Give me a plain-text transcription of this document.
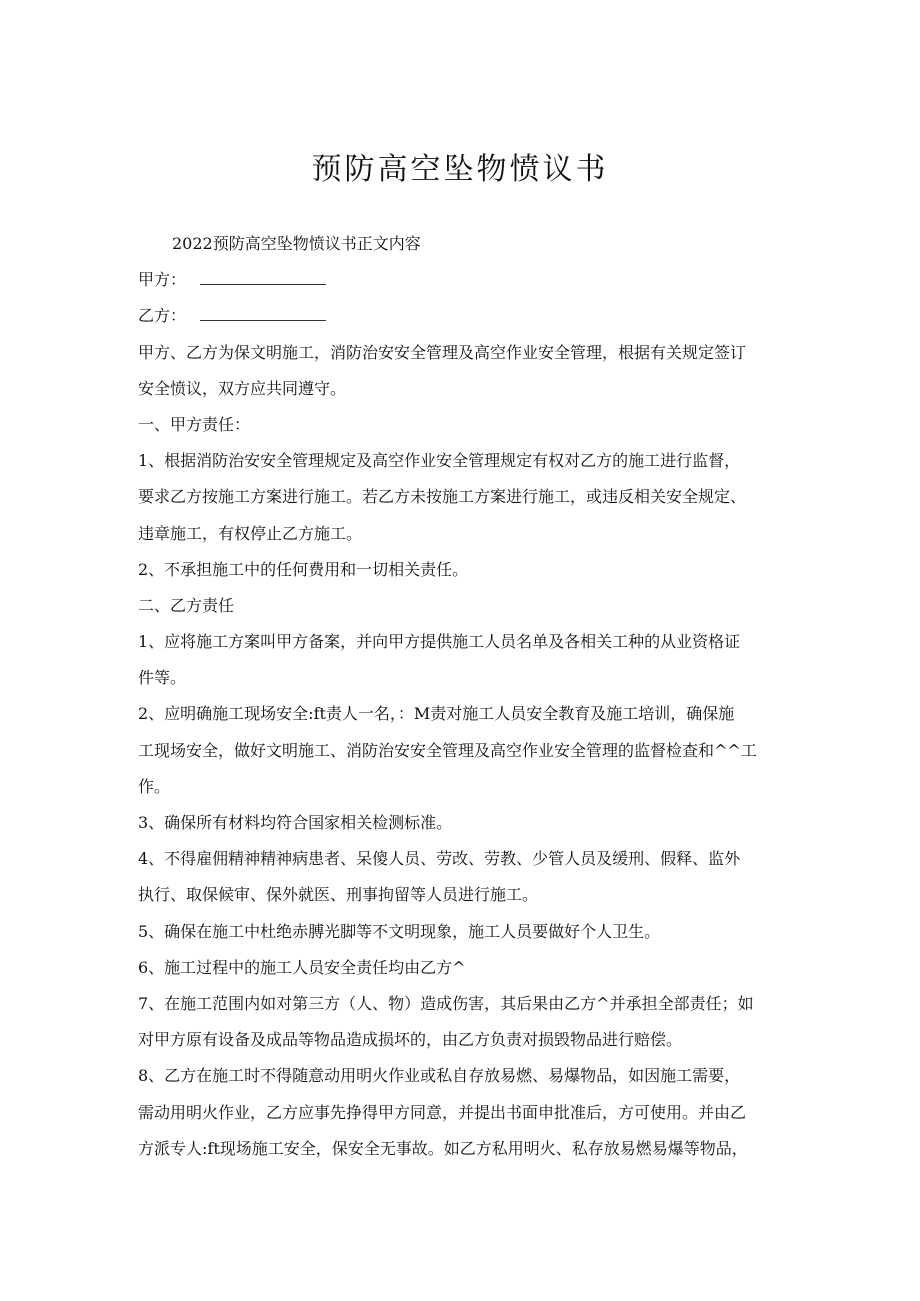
预防高空坠物愤议书
2022预防高空坠物愤议书正文内容
甲方：
乙方：
甲方、乙方为保文明施工，消防治安安全管理及高空作业安全管理，根据有关规定签订
安全愤议，双方应共同遵守。
一、甲方责任：
1、根据消防治安安全管理规定及高空作业安全管理规定有权对乙方的施工进行监督，
要求乙方按施工方案进行施工。若乙方未按施工方案进行施工，或违反相关安全规定、
违章施工，有权停止乙方施工。
2、不承担施工中的任何费用和一切相关责任。
二、乙方责任
1、应将施工方案叫甲方备案，并向甲方提供施工人员名单及各相关工种的从业资格证
件等。
2、应明确施工现场安全:ft责人一名，：M责对施工人员安全教育及施工培训，确保施
工现场安全，做好文明施工、消防治安安全管理及高空作业安全管理的监督检查和^^工
作。
3、确保所有材料均符合国家相关检测标准。
4、不得雇佣精神精神病患者、呆傻人员、劳改、劳教、少管人员及缓刑、假释、监外
执行、取保候审、保外就医、刑事拘留等人员进行施工。
5、确保在施工中杜绝赤膊光脚等不文明现象，施工人员要做好个人卫生。
6、施工过程中的施工人员安全责任均由乙方^
7、在施工范围内如对第三方（人、物）造成伤害，其后果由乙方^并承担全部责任；如
对甲方原有设备及成品等物品造成损坏的，由乙方负责对损毁物品进行赔偿。
8、乙方在施工时不得随意动用明火作业或私自存放易燃、易爆物品，如因施工需要，
需动用明火作业，乙方应事先挣得甲方同意，并提出书面申批准后，方可使用。并由乙
方派专人:ft现场施工安全，保安全无事故。如乙方私用明火、私存放易燃易爆等物品，
